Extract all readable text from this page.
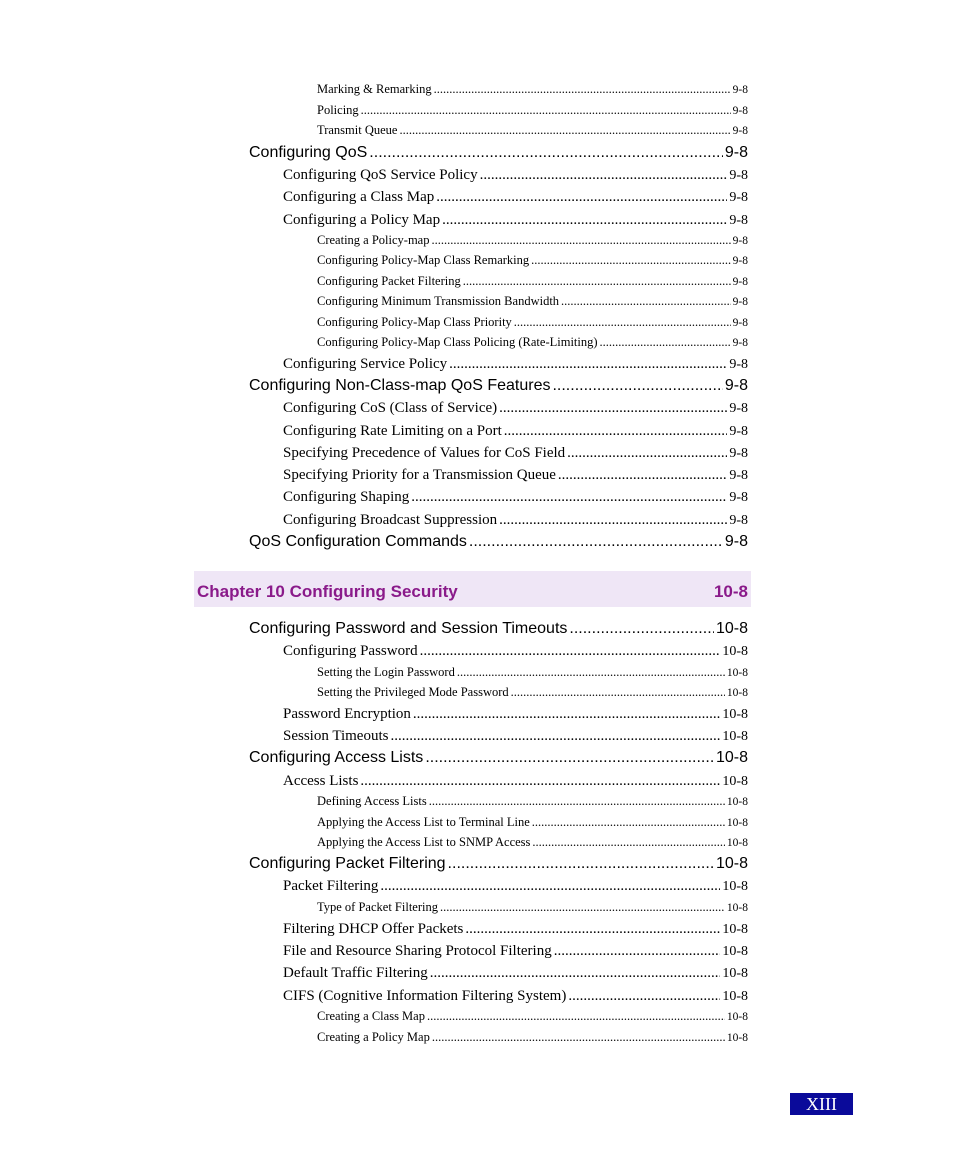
Marking & Remarking .....	9-8
Policing .....	9-8
Transmit Queue .....	9-8
Configuring QoS .....	9-8
Configuring QoS Service Policy .....	9-8
Configuring a Class Map .....	9-8
Configuring a Policy Map .....	9-8
Creating a Policy-map .....	9-8
Configuring Policy-Map Class Remarking .....	9-8
Configuring Packet Filtering .....	9-8
Configuring Minimum Transmission Bandwidth .....	9-8
Configuring Policy-Map Class Priority .....	9-8
Configuring Policy-Map Class Policing (Rate-Limiting) .....	9-8
Configuring Service Policy .....	9-8
Configuring Non-Class-map QoS Features .....	9-8
Configuring CoS (Class of Service) .....	9-8
Configuring Rate Limiting on a Port .....	9-8
Specifying Precedence of Values for CoS Field .....	9-8
Specifying Priority for a Transmission Queue .....	9-8
Configuring Shaping .....	9-8
Configuring Broadcast Suppression .....	9-8
QoS Configuration Commands .....	9-8
Chapter 10 Configuring Security	10-8
Configuring Password and Session Timeouts .....	10-8
Configuring Password .....	10-8
Setting the Login Password .....	10-8
Setting the Privileged Mode Password .....	10-8
Password Encryption .....	10-8
Session Timeouts .....	10-8
Configuring Access Lists .....	10-8
Access Lists .....	10-8
Defining Access Lists .....	10-8
Applying the Access List to Terminal Line .....	10-8
Applying the Access List to SNMP Access .....	10-8
Configuring Packet Filtering .....	10-8
Packet Filtering .....	10-8
Type of Packet Filtering .....	10-8
Filtering DHCP Offer Packets .....	10-8
File and Resource Sharing Protocol Filtering .....	10-8
Default Traffic Filtering .....	10-8
CIFS (Cognitive Information Filtering System) .....	10-8
Creating a Class Map .....	10-8
Creating a Policy Map .....	10-8
XIII
